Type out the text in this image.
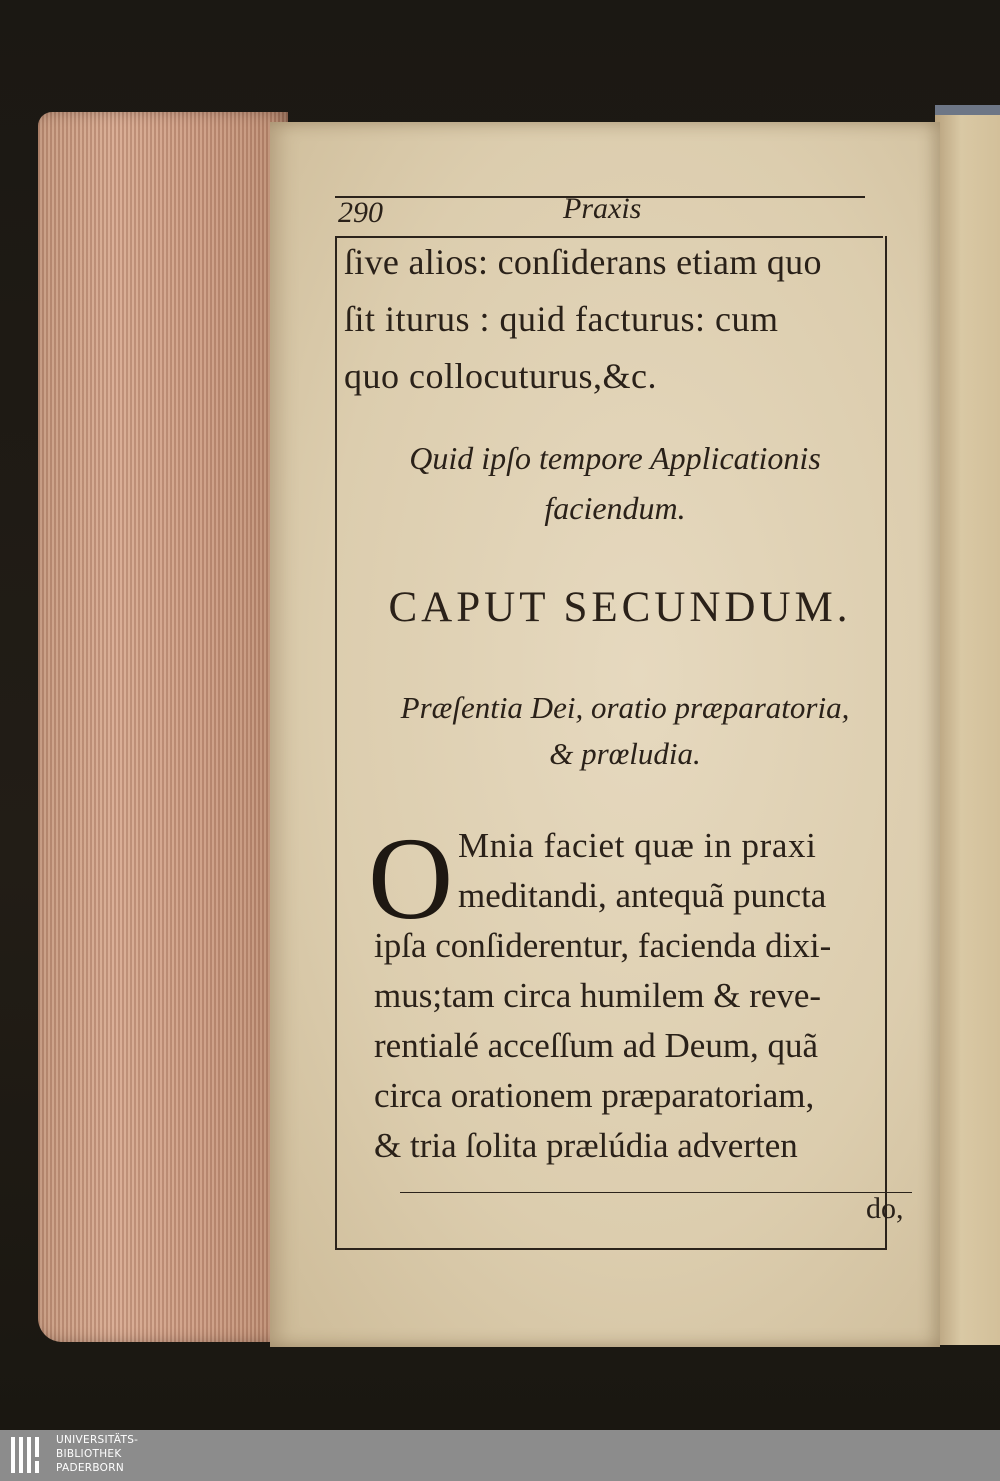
290	Praxis
ſive alios: conſiderans etiam quo
ſit iturus : quid facturus: cum
quo collocuturus,&c.
Quid ipſo tempore Applicationis
faciendum.
CAPUT SECUNDUM.
Præſentia Dei, oratio præparatoria,
& prœludia.
O Mnia faciet quæ in praxi
meditandi, antequã puncta
ipſa conſiderentur, facienda dixi-
mus;tam circa humilem & reve-
rentialé acceſſum ad Deum, quã
circa orationem præparatoriam,
& tria ſolita prælúdia adverten
do,
UNIVERSITÄTS-
BIBLIOTHEK
PADERBORN
